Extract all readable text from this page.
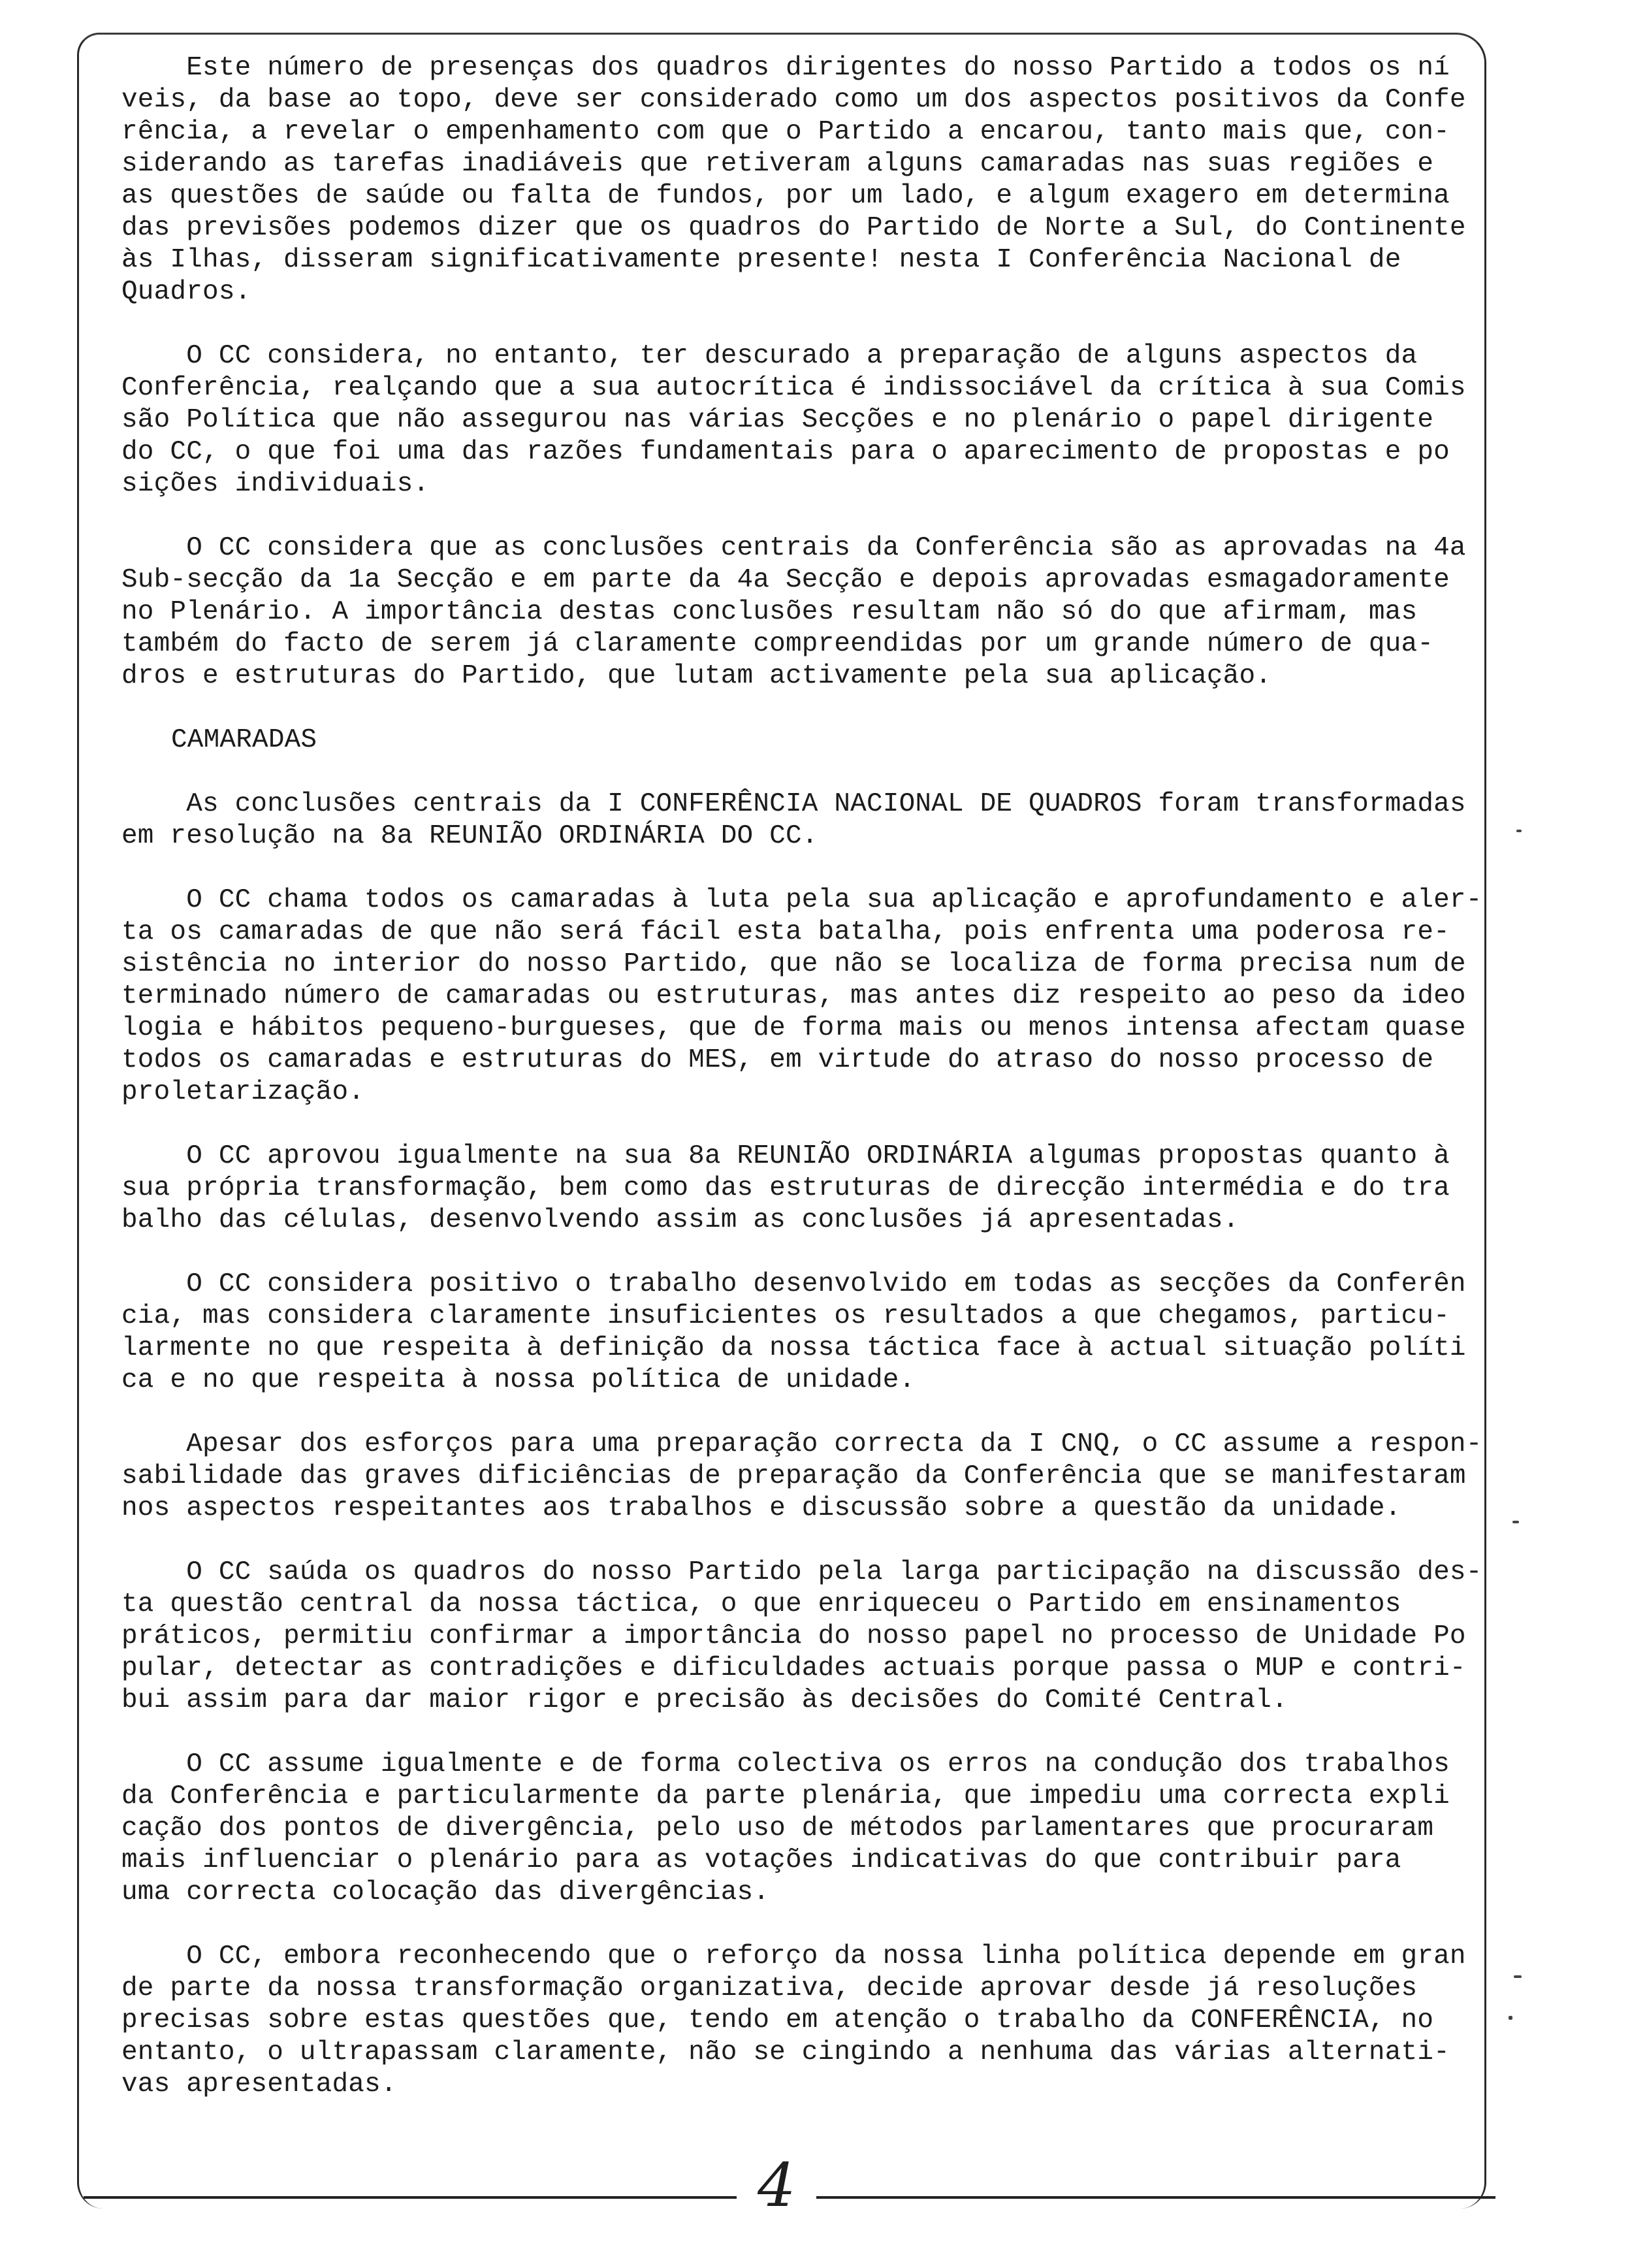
Este número de presenças dos quadros dirigentes do nosso Partido a todos os ní
veis, da base ao topo, deve ser considerado como um dos aspectos positivos da Confe
rência, a revelar o empenhamento com que o Partido a encarou, tanto mais que, con-
siderando as tarefas inadiáveis que retiveram alguns camaradas nas suas regiões e
as questões de saúde ou falta de fundos, por um lado, e algum exagero em determina
das previsões podemos dizer que os quadros do Partido de Norte a Sul, do Continente
às Ilhas, disseram significativamente presente! nesta I Conferência Nacional de
Quadros.
O CC considera, no entanto, ter descurado a preparação de alguns aspectos da
Conferência, realçando que a sua autocrítica é indissociável da crítica à sua Comis
são Política que não assegurou nas várias Secções e no plenário o papel dirigente
do CC, o que foi uma das razões fundamentais para o aparecimento de propostas e po
sições individuais.
O CC considera que as conclusões centrais da Conferência são as aprovadas na 4a
Sub-secção da 1a Secção e em parte da 4a Secção e depois aprovadas esmagadoramente
no Plenário. A importância destas conclusões resultam não só do que afirmam, mas
também do facto de serem já claramente compreendidas por um grande número de qua-
dros e estruturas do Partido, que lutam activamente pela sua aplicação.
CAMARADAS
As conclusões centrais da I CONFERÊNCIA NACIONAL DE QUADROS foram transformadas
em resolução na 8a REUNIÃO ORDINÁRIA DO CC.
O CC chama todos os camaradas à luta pela sua aplicação e aprofundamento e aler-
ta os camaradas de que não será fácil esta batalha, pois enfrenta uma poderosa re-
sistência no interior do nosso Partido, que não se localiza de forma precisa num de
terminado número de camaradas ou estruturas, mas antes diz respeito ao peso da ideo
logia e hábitos pequeno-burgueses, que de forma mais ou menos intensa afectam quase
todos os camaradas e estruturas do MES, em virtude do atraso do nosso processo de
proletarização.
O CC aprovou igualmente na sua 8a REUNIÃO ORDINÁRIA algumas propostas quanto à
sua própria transformação, bem como das estruturas de direcção intermédia e do tra
balho das células, desenvolvendo assim as conclusões já apresentadas.
O CC considera positivo o trabalho desenvolvido em todas as secções da Conferên
cia, mas considera claramente insuficientes os resultados a que chegamos, particu-
larmente no que respeita à definição da nossa táctica face à actual situação políti
ca e no que respeita à nossa política de unidade.
Apesar dos esforços para uma preparação correcta da I CNQ, o CC assume a respon-
sabilidade das graves dificiências de preparação da Conferência que se manifestaram
nos aspectos respeitantes aos trabalhos e discussão sobre a questão da unidade.
O CC saúda os quadros do nosso Partido pela larga participação na discussão des-
ta questão central da nossa táctica, o que enriqueceu o Partido em ensinamentos
práticos, permitiu confirmar a importância do nosso papel no processo de Unidade Po
pular, detectar as contradições e dificuldades actuais porque passa o MUP e contri-
bui assim para dar maior rigor e precisão às decisões do Comité Central.
O CC assume igualmente e de forma colectiva os erros na condução dos trabalhos
da Conferência e particularmente da parte plenária, que impediu uma correcta expli
cação dos pontos de divergência, pelo uso de métodos parlamentares que procuraram
mais influenciar o plenário para as votações indicativas do que contribuir para
uma correcta colocação das divergências.
O CC, embora reconhecendo que o reforço da nossa linha política depende em gran
de parte da nossa transformação organizativa, decide aprovar desde já resoluções
precisas sobre estas questões que, tendo em atenção o trabalho da CONFERÊNCIA, no
entanto, o ultrapassam claramente, não se cingindo a nenhuma das várias alternati-
vas apresentadas.
4
